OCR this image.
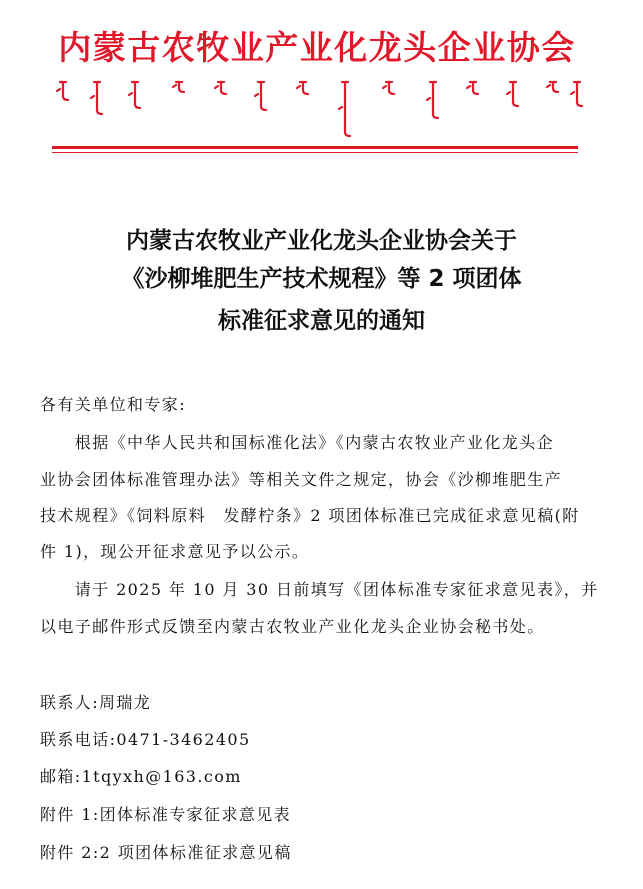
内蒙古农牧业产业化龙头企业协会
内蒙古农牧业产业化龙头企业协会关于
《沙柳堆肥生产技术规程》等 2 项团体
标准征求意见的通知
各有关单位和专家:
　　根据《中华人民共和国标准化法》《内蒙古农牧业产业化龙头企
业协会团体标准管理办法》等相关文件之规定，协会《沙柳堆肥生产
技术规程》《饲料原料　发酵柠条》2 项团体标准已完成征求意见稿(附
件 1)，现公开征求意见予以公示。
　　请于 2025 年 10 月 30 日前填写《团体标准专家征求意见表》，并
以电子邮件形式反馈至内蒙古农牧业产业化龙头企业协会秘书处。
联系人:周瑞龙
联系电话:0471-3462405
邮箱:1tqyxh@163.com
附件 1:团体标准专家征求意见表
附件 2:2 项团体标准征求意见稿
